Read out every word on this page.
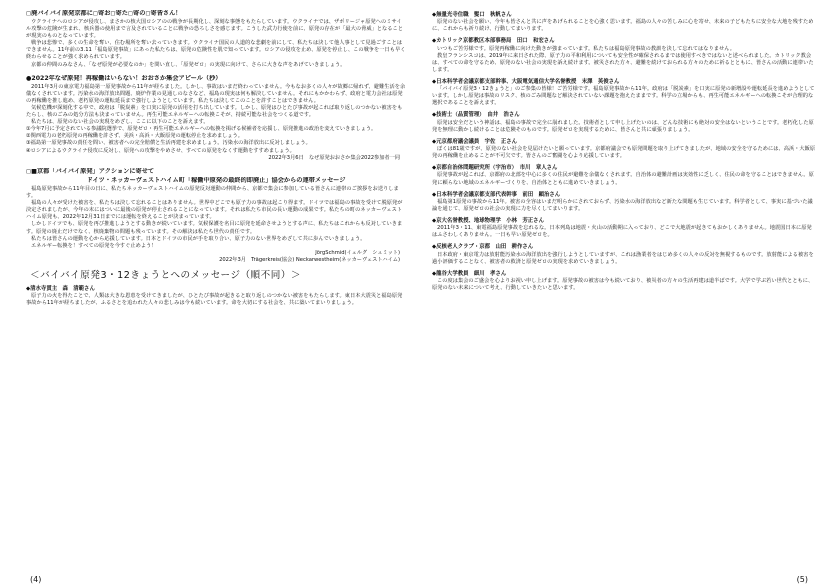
◻︎廃バイバイ原発京都に◻︎寄お◻︎寄た◻︎寄の◻︎寄皆さん！

ウクライナへのロシアが侵攻し、まさかの核大国ロシアのの戦争が長期化し、深刻な事態をもたらしています。ウクライナでは、ザポリージャ原発へのミサイル攻撃の危険が生まれ、核兵器の使用まで言及されていることに戦争の恐ろしさを感じます。こうした武力行使を前に、原発の存在が「最大の脅威」となることが現実のものとなっています。

戦争は悲惨で、多くの生命を奪い、住む場所を奪い去っていきます。ウクライナ国民の人道的な悲劇を前にして、私たちは決して他人事として見過ごすことはできません。11年前の3.11「福島原発事故」にあった私たちは、原発の危険性を肌で知っています。ロシアの侵攻を止め、原発を停止し、この戦争を一日も早く終わらせることが強く求められています。

京都の仲間のみなさん、「なぜ原発が必要なのか」を問い直し、「原発ゼロ」の実現に向けて、さらに大きな声をあげていきましょう。

●2022年なぜ原発！再稼働はいらない！おおさか集会アピール（抄）

2011年3月の東京電力福島第一原発事故から11年が経ちました。しかし、事故はいまだ終わっていません。今もなお多くの人々が故郷に帰れず、避難生活を余儀なくされています。汚染水の海洋放出問題、廃炉作業の見通しのなさなど、福島の現実は何も解決していません。それにもかかわらず、政府と電力会社は原発の再稼働を推し進め、老朽原発の運転延長まで強行しようとしています。私たちは決してこのことを許すことはできません。

気候危機が深刻化する中で、政府は「脱炭素」を口実に原発の活用を打ち出しています。しかし、原発はひとたび事故が起これば取り返しのつかない被害をもたらし、核のごみの処分方法も決まっていません。再生可能エネルギーへの転換こそが、持続可能な社会をつくる道です。

私たちは、原発のない社会の実現をめざし、ここに以下のことを訴えます。

①今年7月に予定されている参議院選挙で、原発ゼロ・再生可能エネルギーへの転換を掲げる候補者を応援し、原発推進の政治を変えていきましょう。

②関西電力の老朽原発の再稼働を許さず、美浜・高浜・大飯原発の運転停止を求めましょう。

③福島第一原発事故の責任を問い、被害者への完全賠償と生活再建を求めましょう。汚染水の海洋放出に反対しましょう。

④ロシアによるウクライナ侵攻に反対し、原発への攻撃をやめさせ、すべての原発をなくす運動をすすめましょう。

2022年3月6日　なぜ原発おおさか集会2022参加者一同
◻︎■京都「バイバイ原発」アクションに寄せて
ドイツ・ネッカーヴェストハイム町「稼働中原発の最終的即廃止」協会からの連帯メッセージ

福島原発事故から11年目の日に、私たちネッカーヴェストハイムの原発反対運動の仲間から、京都で集会に参加している皆さんに連帯のご挨拶をお送りします。

福島の人々が受けた被害を、私たちは決して忘れることはありません。世界中どこでも原子力の事故は起こり得ます。ドイツでは福島の事故を受けて脱原発が決定されましたが、今年の末にはついに最後の原発が停止されることになっています。それは私たち市民の長い運動の成果です。私たちの町のネッカーヴェストハイム原発も、2022年12月31日までには運転を終えることが決まっています。

しかしドイツでも、原発を再び推進しようとする動きが続いています。気候保護を名目に原発を延命させようとする声に、私たちはこれからも反対していきます。原発の廃止だけでなく、核廃棄物の問題も残っています。その解決は私たち世代の責任です。

私たちは皆さんの運動を心から応援しています。日本とドイツの市民が手を取り合い、原子力のない世界をめざして共に歩んでいきましょう。

エネルギー転換を！すべての原発を今すぐ止めよう！

JörgSchmid(イェルグ　シュミット)
2022年3月　Trägerkreis(協会) Neckarwestheim(ネッカーヴェストハイム)
＜バイバイ原発3・12きょうとへのメッセージ（順不同）＞
◆清水寺貫主　森　清範さん

原子力の火を得たことで、人類は大きな恩恵を受けてきましたが、ひとたび事故が起きると取り返しのつかない被害をもたらします。東日本大震災と福島原発事故から11年が経ちましたが、ふるさとを追われた人々の悲しみは今も続いています。命を大切にする社会を、共に築いてまいりましょう。

(4)
◆無量光寺住職　髪口　秋帆さん

原発のない社会を願い、今年も皆さんと共に声をあげられることを心強く思います。福島の人々の苦しみに心を寄せ、未来の子どもたちに安全な大地を残すために、これからも祈り続け、行動してまいります。

◆カトリック京都教区本部事務局　田口　和宏さん

いつもご苦労様です。原発再稼働に向けた動きが強まっています。私たちは福島原発事故の教訓を決して忘れてはなりません。

教皇フランシスコは、2019年に来日された際、原子力の平和利用についても安全性が確保されるまでは使用すべきではないと述べられました。カトリック教会は、すべての命を守るため、原発のない社会の実現を訴え続けます。被災された方々、避難を続けておられる方々のために祈るとともに、皆さんの活動に連帯いたします。

◆日本科学者会議京都支部幹事、大阪電気通信大学名誉教授　末澤　英俊さん

「バイバイ原発3・12きょうと」のご参集の皆様！ご苦労様です。福島原発事故から11年。政府は「脱炭素」を口実に原発の新増設や運転延長を進めようとしています。しかし原発は事故のリスク、核のごみ問題など解決されていない課題を抱えたままです。科学の立場からも、再生可能エネルギーへの転換こそが合理的な選択であることを訴えます。

◆技術士（品質管理）　由井　浩さん

原発は安全だという神話は、福島の事故で完全に崩れました。技術者として申し上げたいのは、どんな技術にも絶対の安全はないということです。老朽化した原発を無理に動かし続けることは危険そのものです。原発ゼロを実現するために、皆さんと共に頑張りましょう。

◆元京都府議会議員　宇佐　正さん

ぼくは81歳ですが、原発のない社会を見届けたいと願っています。京都府議会でも原発問題を取り上げてきましたが、地域の安全を守るためには、高浜・大飯原発の再稼働を止めることが不可欠です。皆さんのご奮闘を心より応援しています。

◆京都自治体問題研究所（宇治市）　市川　章人さん

原発事故が起これば、京都府の北部を中心に多くの住民が避難を余儀なくされます。自治体の避難計画は実効性に乏しく、住民の命を守ることはできません。原発に頼らない地域のエネルギーづくりを、自治体とともに進めていきましょう。

◆日本科学者会議京都支部代表幹事　前田　顕治さん

福島第1原発の事故から11年。被害の全容はいまだ明らかにされておらず、汚染水の海洋放出など新たな問題も生じています。科学者として、事実に基づいた議論を通じて、原発ゼロの社会の実現に力を尽くしてまいります。

◆京大名誉教授、地球物理学　小林　芳正さん

2011年3・11、東電福島原発事故を忘れるな。日本列島は地震・火山の活動期に入っており、どこで大地震が起きてもおかしくありません。地震国日本に原発はふさわしくありません。一日も早い原発ゼロを。

◆反核老人クラブ・京都　山田　耕作さん

日本政府・東京電力は放射能汚染水の海洋放出を強行しようとしていますが、これは漁業者をはじめ多くの人々の反対を無視するものです。放射能による被害を過小評価することなく、被害者の救済と原発ゼロの実現を求めていきましょう。

◆龍谷大学教員　細川　孝さん

この度は集会のご盛会を心よりお祝い申し上げます。原発事故の被害は今も続いており、被災者の方々の生活再建は道半ばです。大学で学ぶ若い世代とともに、原発のない未来について考え、行動していきたいと思います。

(5)
